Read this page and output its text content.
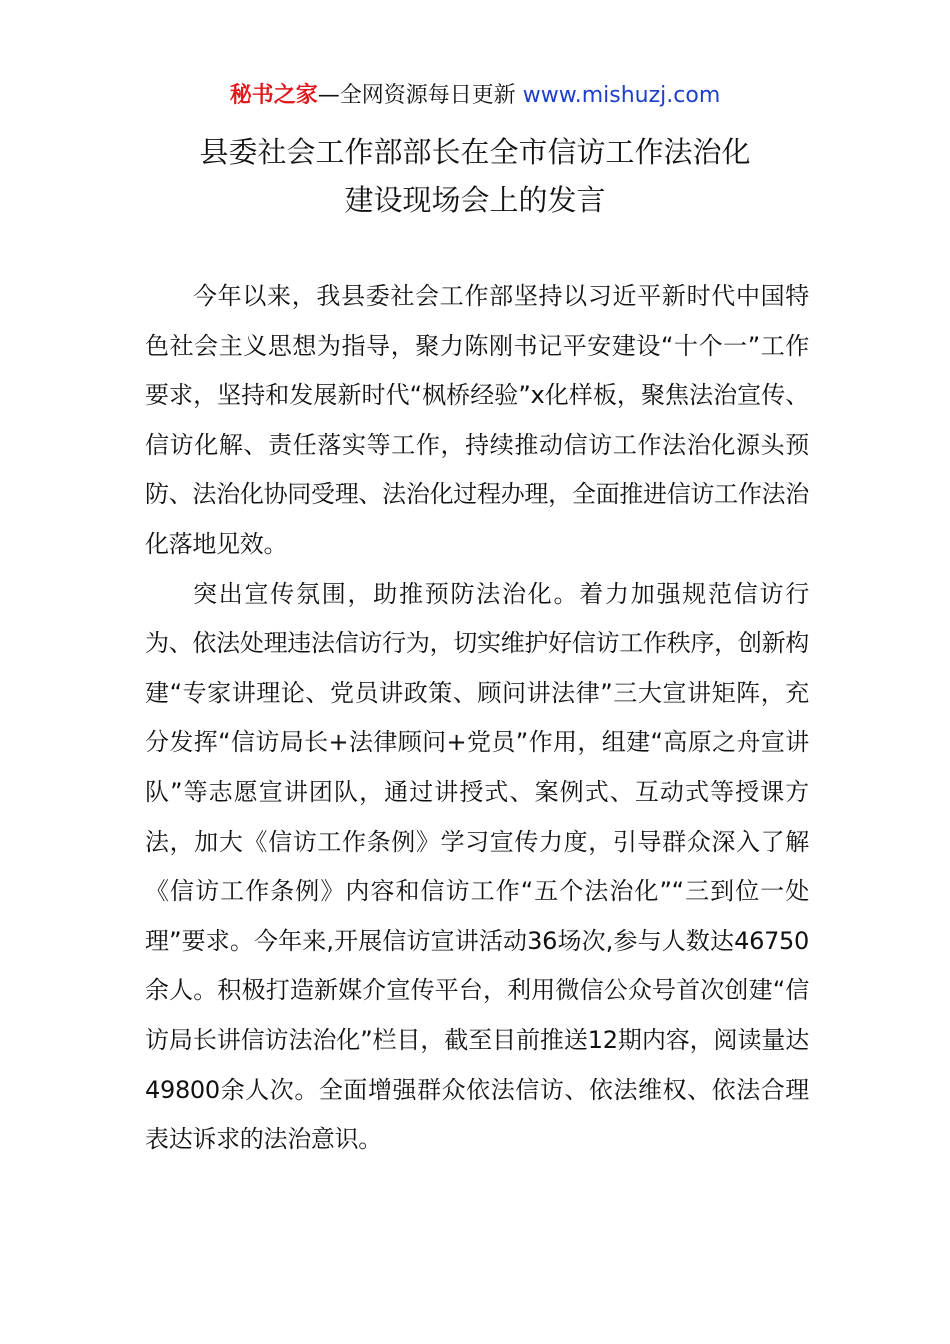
秘书之家—全网资源每日更新 www.mishuzj.com
县委社会工作部部长在全市信访工作法治化
建设现场会上的发言

今年以来，我县委社会工作部坚持以习近平新时代中国特色社会主义思想为指导，聚力陈刚书记平安建设“十个一”工作要求，坚持和发展新时代“枫桥经验”x化样板，聚焦法治宣传、信访化解、责任落实等工作，持续推动信访工作法治化源头预防、法治化协同受理、法治化过程办理，全面推进信访工作法治化落地见效。

突出宣传氛围，助推预防法治化。着力加强规范信访行为、依法处理违法信访行为，切实维护好信访工作秩序，创新构建“专家讲理论、党员讲政策、顾问讲法律”三大宣讲矩阵，充分发挥“信访局长+法律顾问+党员”作用，组建“高原之舟宣讲队”等志愿宣讲团队，通过讲授式、案例式、互动式等授课方法，加大《信访工作条例》学习宣传力度，引导群众深入了解《信访工作条例》内容和信访工作“五个法治化”“三到位一处理”要求。今年来,开展信访宣讲活动36场次,参与人数达46750余人。积极打造新媒介宣传平台，利用微信公众号首次创建“信访局长讲信访法治化”栏目，截至目前推送12期内容，阅读量达49800余人次。全面增强群众依法信访、依法维权、依法合理表达诉求的法治意识。
